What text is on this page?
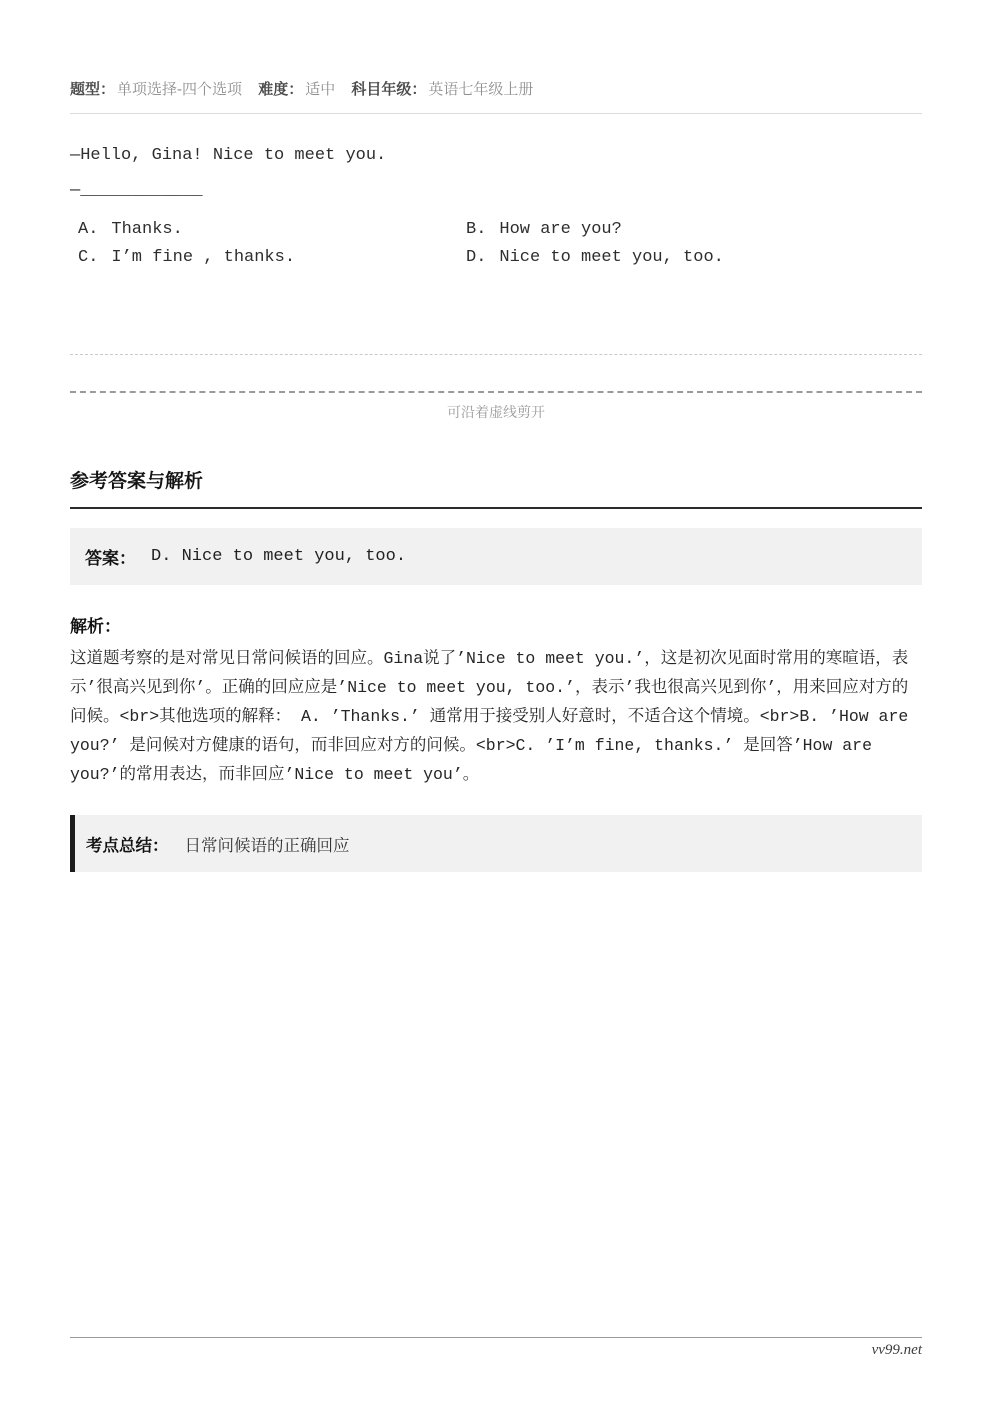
题型： 单项选择-四个选项 难度： 适中 科目年级： 英语七年级上册
—Hello, Gina! Nice to meet you.
—____________
A. Thanks.	B. How are you?
C. I’m fine , thanks.	D. Nice to meet you, too.
可沿着虚线剪开
参考答案与解析
答案： D. Nice to meet you, too.
解析：
这道题考察的是对常见日常问候语的回应。Gina说了’Nice to meet you.’，这是初次见面时常用的寒暄语，表示’很高兴见到你’。正确的回应应是’Nice to meet you, too.’，表示’我也很高兴见到你’，用来回应对方的问候。<br>其他选项的解释： A. ’Thanks.’ 通常用于接受别人好意时，不适合这个情境。<br>B. ’How are you?’ 是问候对方健康的语句，而非回应对方的问候。<br>C. ’I’m fine, thanks.’ 是回答’How are you?’的常用表达，而非回应’Nice to meet you’。
考点总结： 日常问候语的正确回应
vv99.net
